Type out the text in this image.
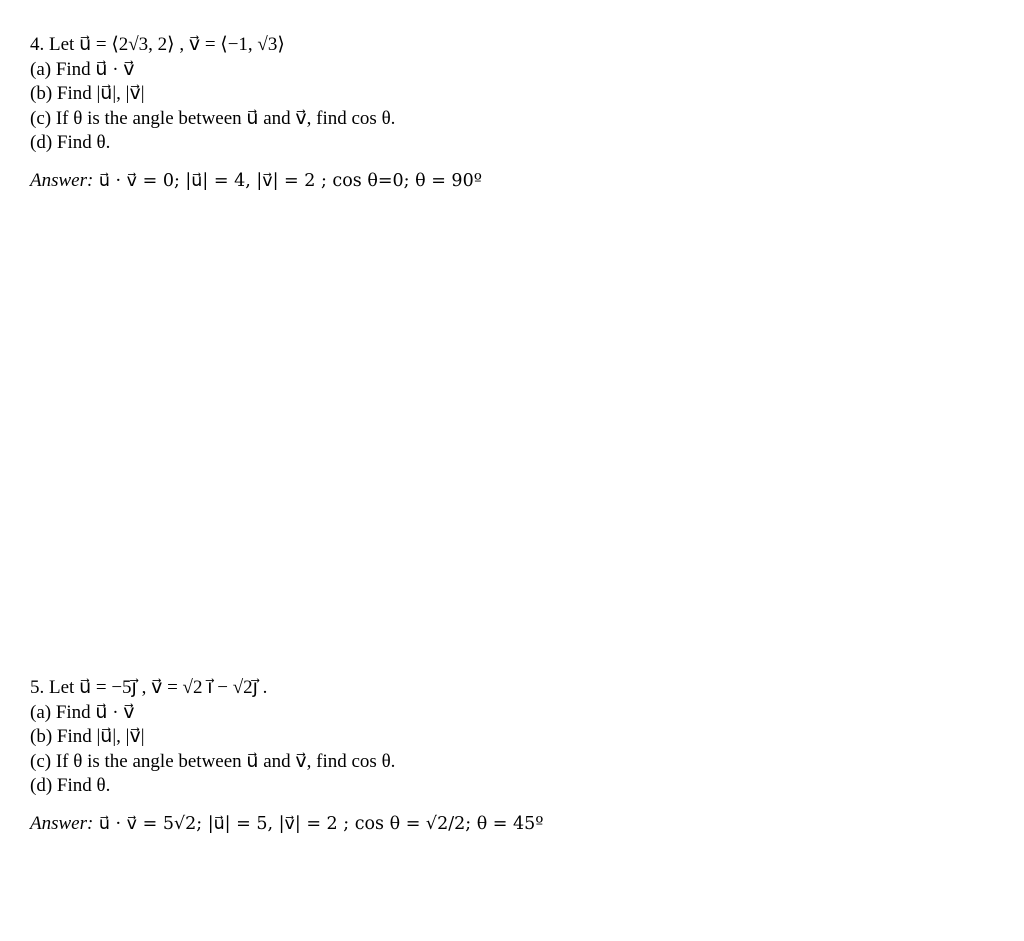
4. Let u⃗ = ⟨2√3, 2⟩ , v⃗ = ⟨−1, √3⟩
(a) Find u⃗ · v⃗
(b) Find |u⃗|, |v⃗|
(c) If θ is the angle between u⃗ and v⃗, find cos θ.
(d) Find θ.
Answer: u⃗ · v⃗ = 0; |u⃗| = 4, |v⃗| = 2 ; cos θ=0; θ = 90º
5. Let u⃗ = −5ȷ⃗ , v⃗ = √2 ı⃗ − √2ȷ⃗ .
(a) Find u⃗ · v⃗
(b) Find |u⃗|, |v⃗|
(c) If θ is the angle between u⃗ and v⃗, find cos θ.
(d) Find θ.
Answer: u⃗ · v⃗ = 5√2; |u⃗| = 5, |v⃗| = 2 ; cos θ = √2/2; θ = 45º
